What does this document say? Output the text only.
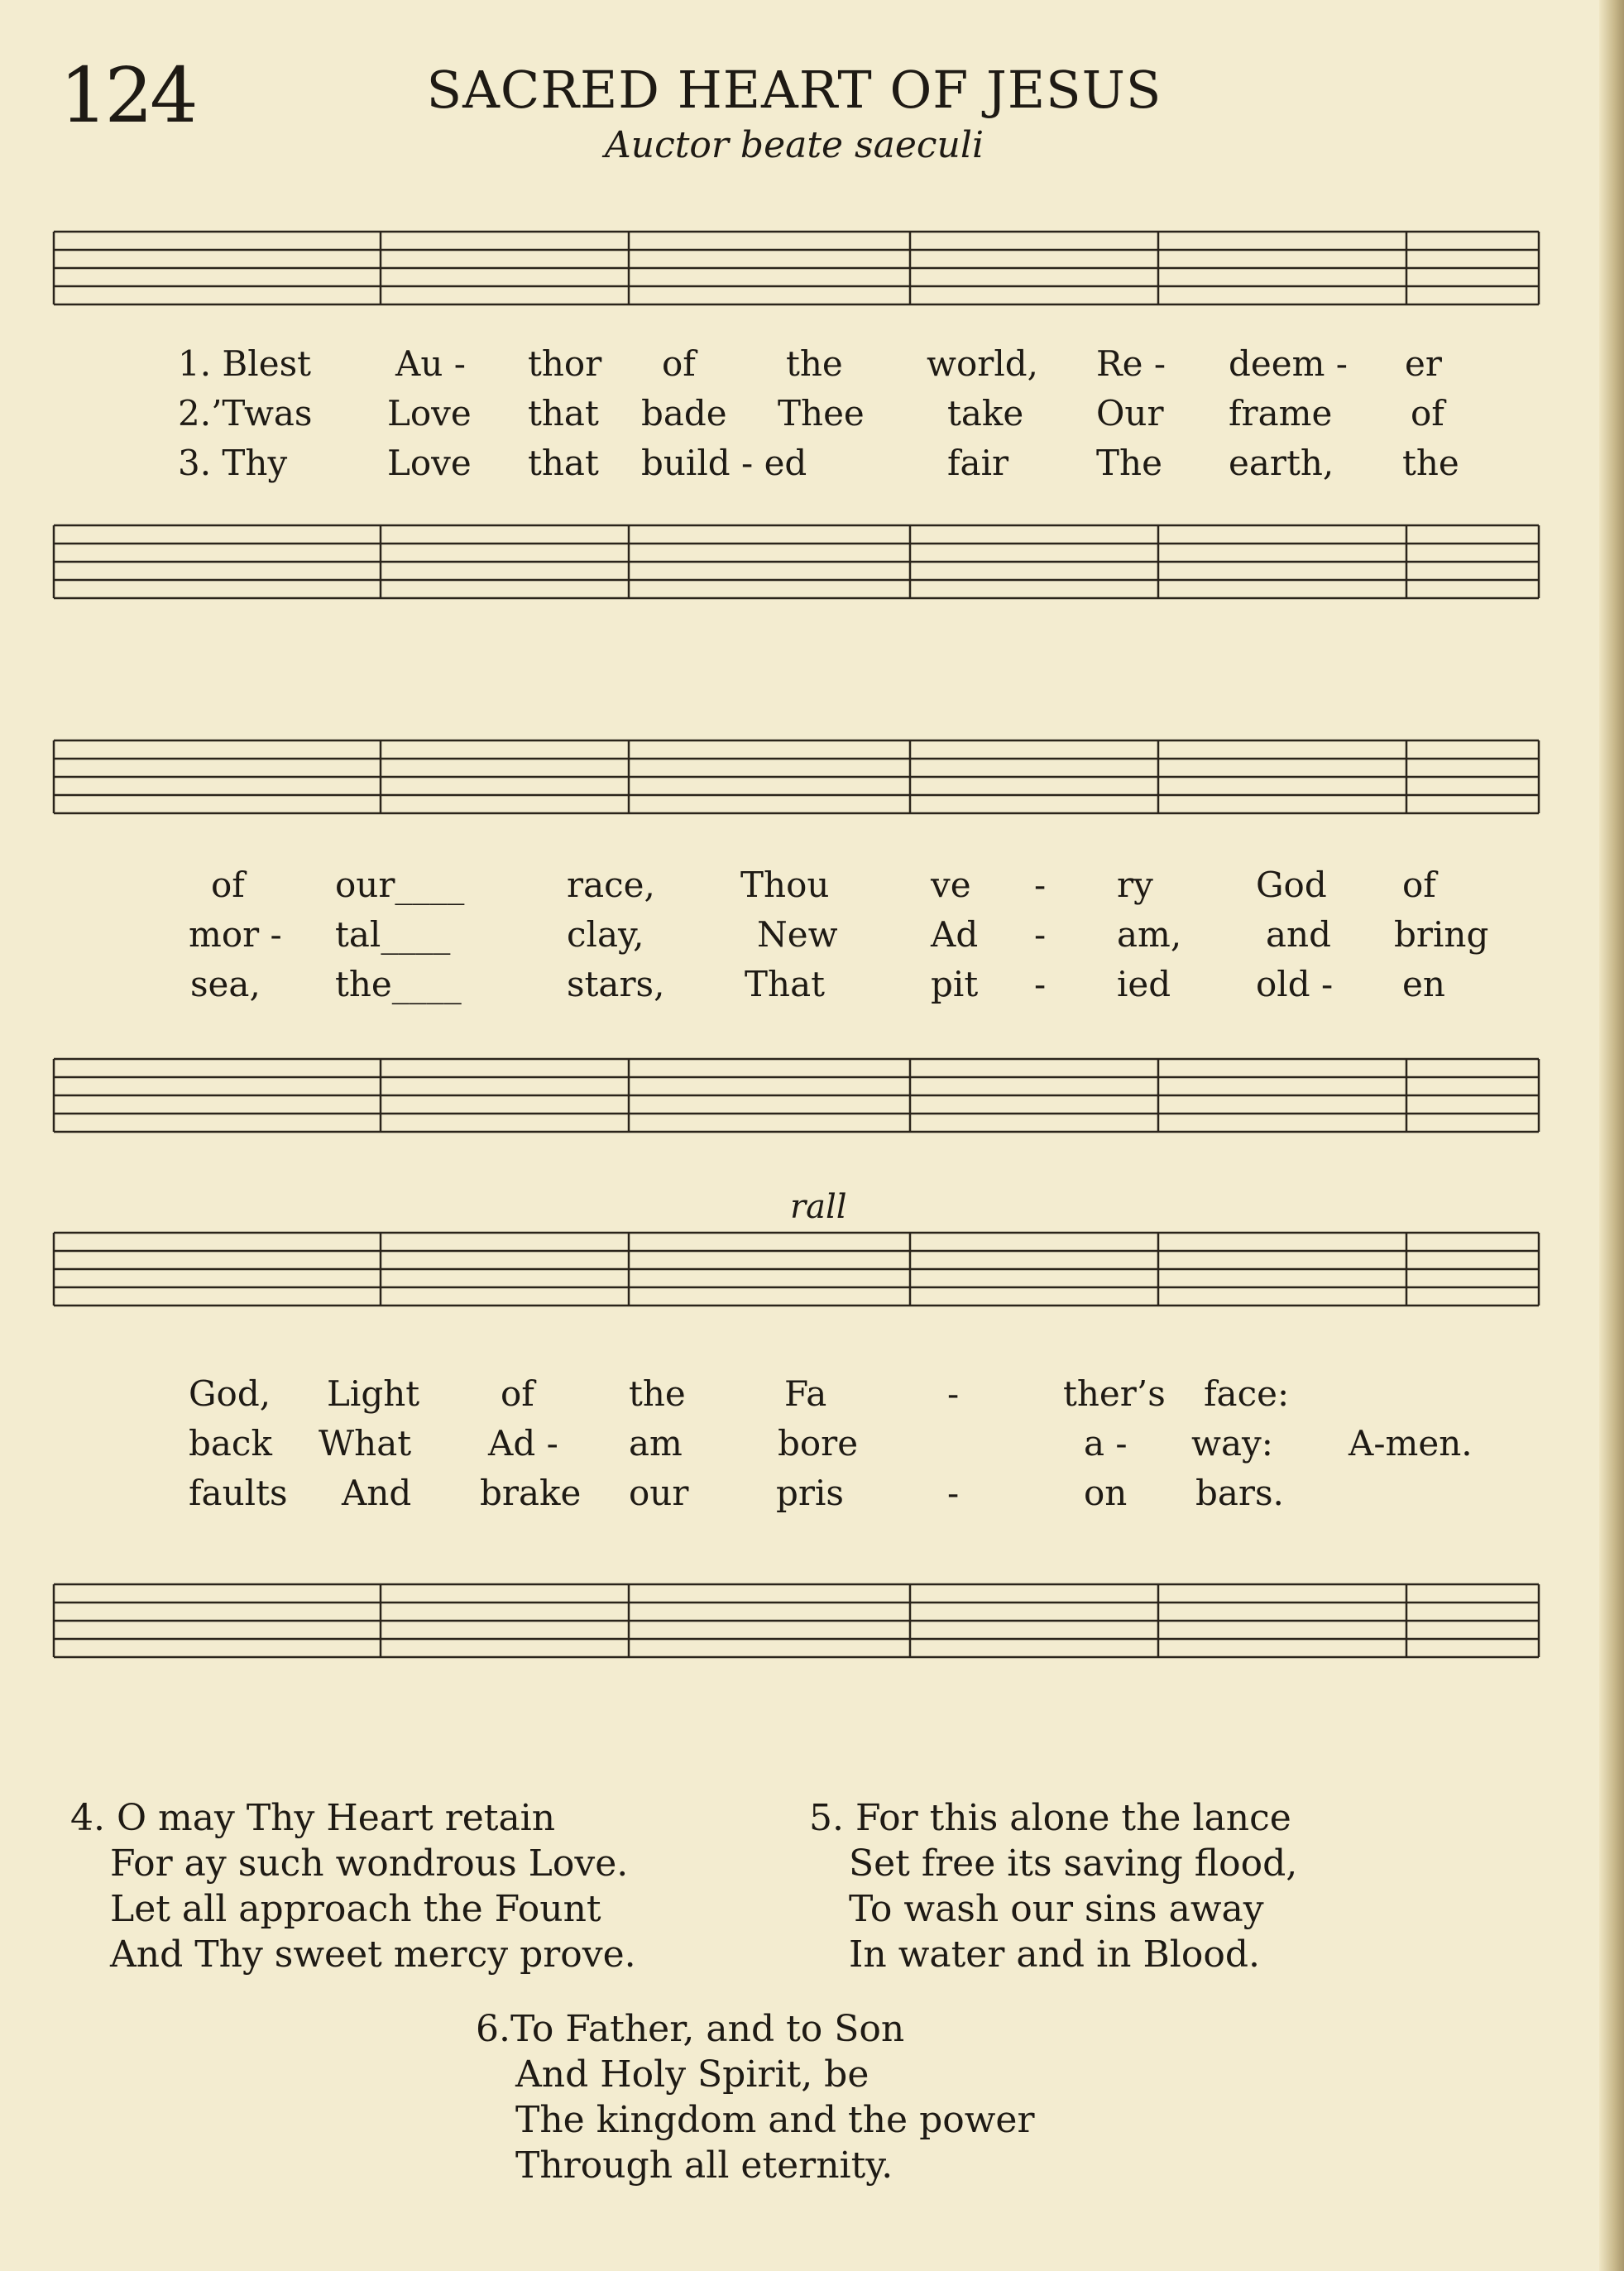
124	SACRED HEART OF JESUS
Auctor beate saeculi
1. Blest Au - thor of	the world, Re - deem - er
2.’Twas Love that bade Thee take Our frame of
3. Thy	Love that build - ed	fair	The earth, the
of	our____	race, Thou	ve - ry	God of
mor - tal____	clay,	New	Ad - am, and bring
sea, the____	stars, That	pit - ied old - en
rall
God, Light of	the	Fa	-	ther’s face:
back What Ad - am	bore	a - way: A-men.
faults And brake our	pris	-	on bars.
4. O may Thy Heart retain
For ay such wondrous Love.
Let all approach the Fount
And Thy sweet mercy prove.
5. For this alone the lance
Set free its saving flood,
To wash our sins away
In water and in Blood.
6.To Father, and to Son
And Holy Spirit, be
The kingdom and the power
Through all eternity.
